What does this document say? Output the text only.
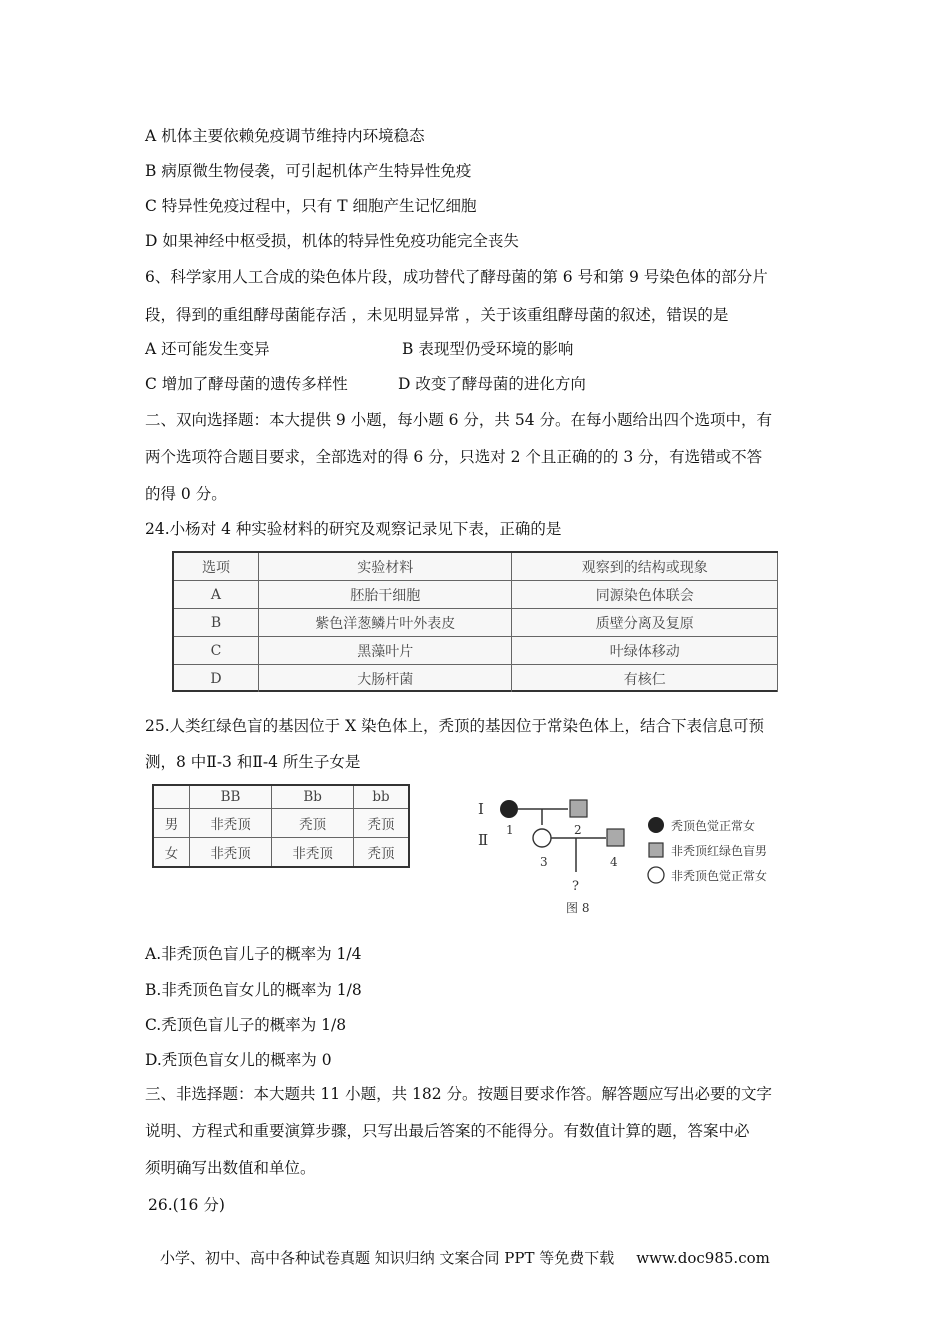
A 机体主要依赖免疫调节维持内环境稳态
B 病原微生物侵袭，可引起机体产生特异性免疫
C 特异性免疫过程中，只有 T 细胞产生记忆细胞
D 如果神经中枢受损，机体的特异性免疫功能完全丧失
6、科学家用人工合成的染色体片段，成功替代了酵母菌的第 6 号和第 9 号染色体的部分片
段，得到的重组酵母菌能存活 ，未见明显异常 ，关于该重组酵母菌的叙述，错误的是
A 还可能发生变异	B 表现型仍受环境的影响
C 增加了酵母菌的遗传多样性	D 改变了酵母菌的进化方向
二、双向选择题：本大提供 9 小题，每小题 6 分，共 54 分。在每小题给出四个选项中，有
两个选项符合题目要求，全部选对的得 6 分，只选对 2 个且正确的的 3 分，有选错或不答
的得 0 分。
24.小杨对 4 种实验材料的研究及观察记录见下表，正确的是
选项	实验材料	观察到的结构或现象
A	胚胎干细胞	同源染色体联会
B	紫色洋葱鳞片叶外表皮	质壁分离及复原
C	黑藻叶片	叶绿体移动
D	大肠杆菌	有核仁
25.人类红绿色盲的基因位于 X 染色体上，秃顶的基因位于常染色体上，结合下表信息可预
测，8 中Ⅱ-3 和Ⅱ-4 所生子女是
	BB	Bb	bb
男	非秃顶	秃顶	秃顶
女	非秃顶	非秃顶	秃顶
Ⅰ
Ⅱ
1	2
3	4
?
图 8
秃顶色觉正常女
非秃顶红绿色盲男
非秃顶色觉正常女
A.非秃顶色盲儿子的概率为 1/4
B.非秃顶色盲女儿的概率为 1/8
C.秃顶色盲儿子的概率为 1/8
D.秃顶色盲女儿的概率为 0
三、非选择题：本大题共 11 小题，共 182 分。按题目要求作答。解答题应写出必要的文字
说明、方程式和重要演算步骤，只写出最后答案的不能得分。有数值计算的题，答案中必
须明确写出数值和单位。
26.(16 分)
小学、初中、高中各种试卷真题 知识归纳 文案合同 PPT 等免费下载 www.doc985.com
